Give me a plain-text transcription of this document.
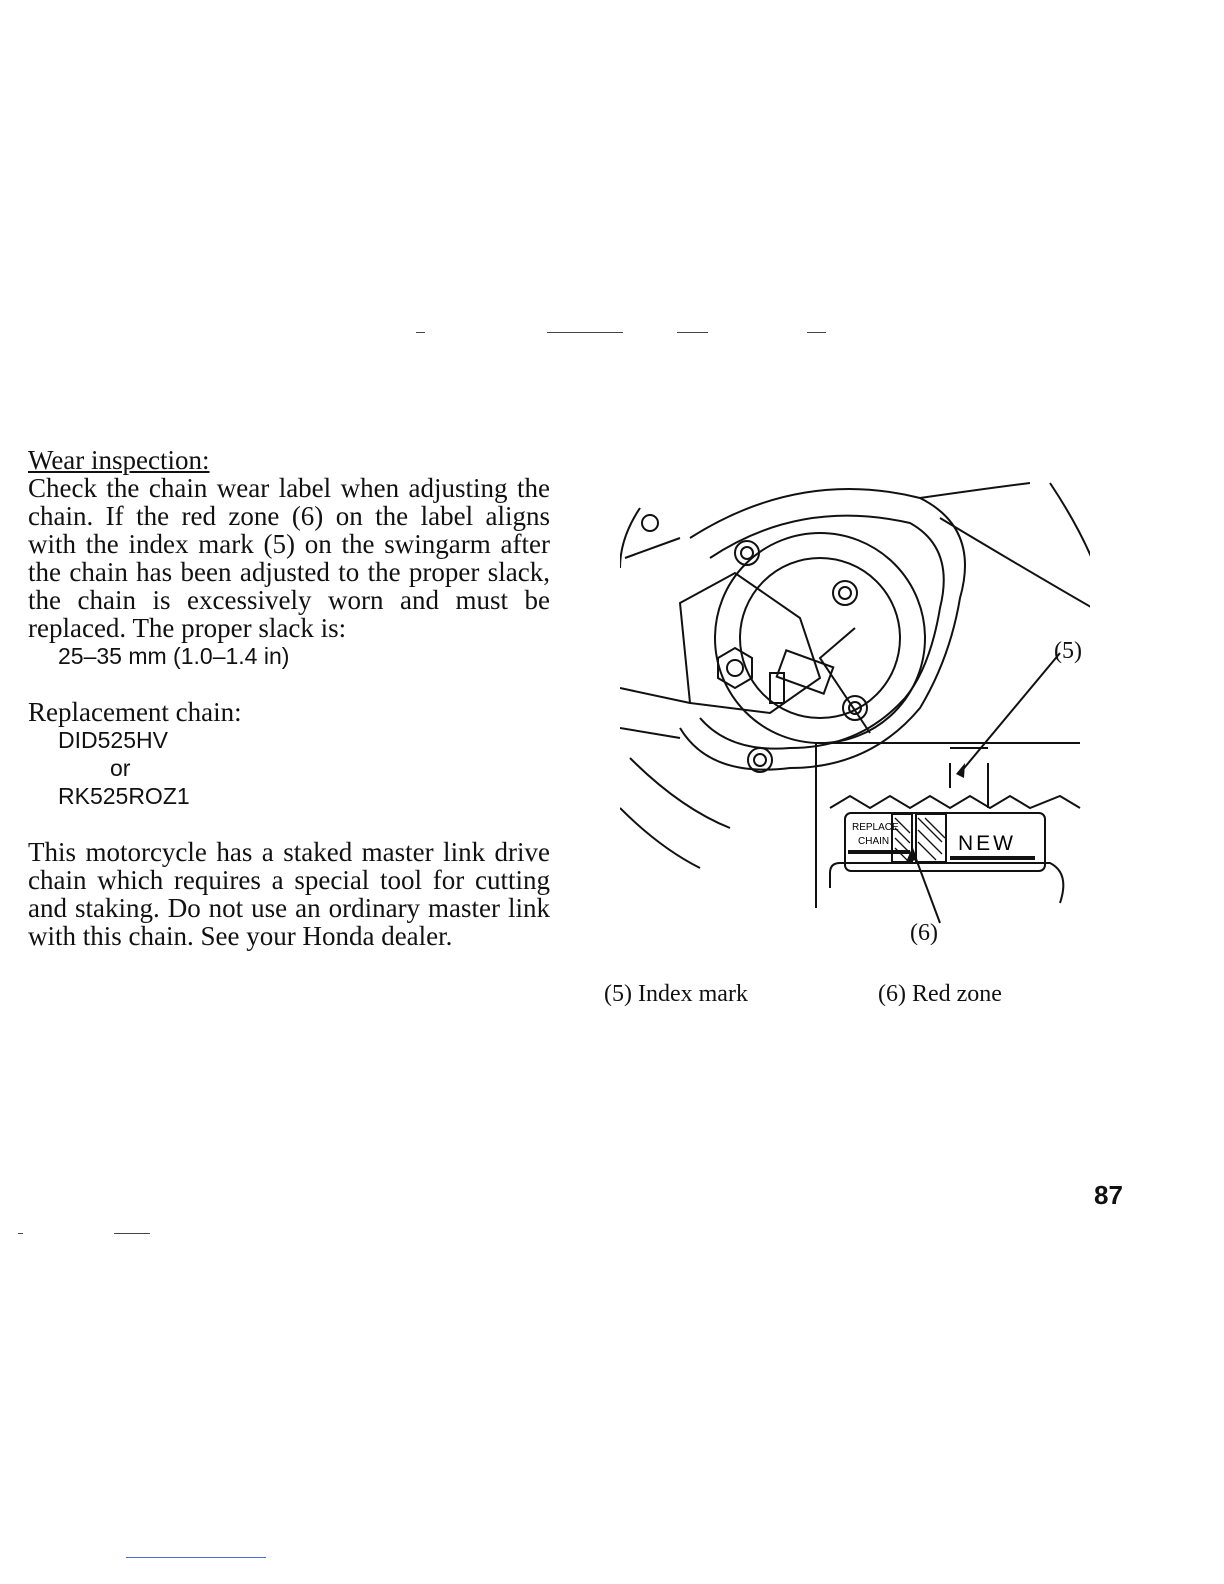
Wear inspection:
Check the chain wear label when adjusting the chain. If the red zone (6) on the label aligns with the index mark (5) on the swingarm after the chain has been adjusted to the proper slack, the chain is excessively worn and must be replaced. The proper slack is:
25–35 mm (1.0–1.4 in)
Replacement chain:
DID525HV
or
RK525ROZ1
This motorcycle has a staked master link drive chain which requires a special tool for cutting and staking. Do not use an ordinary master link with this chain. See your Honda dealer.
REPLACE
CHAIN	NEW
(5)
(6)
(5) Index mark	(6) Red zone
87
